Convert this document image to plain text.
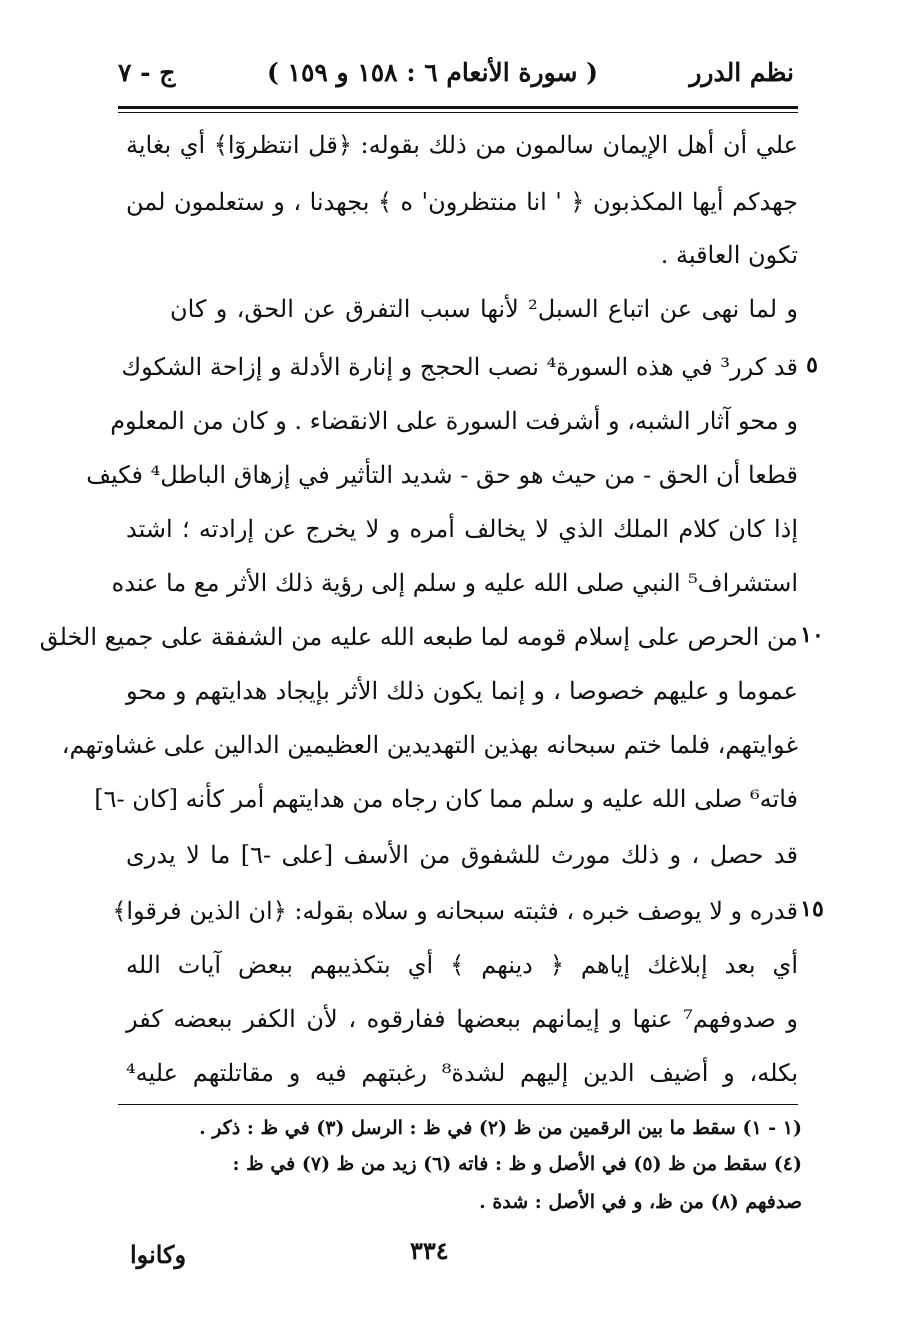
نظم الدرر
( سورة الأنعام ٦ : ١٥٨ و ١٥٩ )
ج - ٧
علي أن أهل الإيمان سالمون من ذلك بقوله: ﴿قل انتظروٓا﴾ أي بغاية
جهدكم أيها المكذبون ﴿ ' انا منتظرون' ه ﴾ بجهدنا ، و ستعلمون لمن
تكون العاقبة .
و لما نهى عن اتباع السبل² لأنها سبب التفرق عن الحق، و كان
قد كرر³ في هذه السورة⁴ نصب الحجج و إنارة الأدلة و إزاحة الشكوك
و محو آثار الشبه، و أشرفت السورة على الانقضاء . و كان من المعلوم
قطعا أن الحق - من حيث هو حق - شديد التأثير في إزهاق الباطل⁴ فكيف
إذا كان كلام الملك الذي لا يخالف أمره و لا يخرج عن إرادته ؛ اشتد
استشراف⁵ النبي صلى الله عليه و سلم إلى رؤية ذلك الأثر مع ما عنده
من الحرص على إسلام قومه لما طبعه الله عليه من الشفقة على جميع الخلق
عموما و عليهم خصوصا ، و إنما يكون ذلك الأثر بإيجاد هدايتهم و محو
غوايتهم، فلما ختم سبحانه بهذين التهديدين العظيمين الدالين على غشاوتهم،
فاته⁶ صلى الله عليه و سلم مما كان رجاه من هدايتهم أمر كأنه [كان -٦]
قد حصل ، و ذلك مورث للشفوق من الأسف [على -٦] ما لا يدرى
قدره و لا يوصف خبره ، فثبته سبحانه و سلاه بقوله: ﴿ان الذين فرقوا﴾
أي بعد إبلاغك إياهم ﴿ دينهم ﴾ أي بتكذيبهم ببعض آيات الله
و صدوفهم⁷ عنها و إيمانهم ببعضها ففارقوه ، لأن الكفر ببعضه كفر
بكله، و أضيف الدين إليهم لشدة⁸ رغبتهم فيه و مقاتلتهم عليه⁴
٥
١٠
١٥
(١ - ١) سقط ما بين الرقمين من ظ (٢) في ظ : الرسل (٣) في ظ : ذكر .
(٤) سقط من ظ (٥) في الأصل و ظ : فاته (٦) زيد من ظ (٧) في ظ :
صدفهم (٨) من ظ، و في الأصل : شدة .
٣٣٤
وكانوا
